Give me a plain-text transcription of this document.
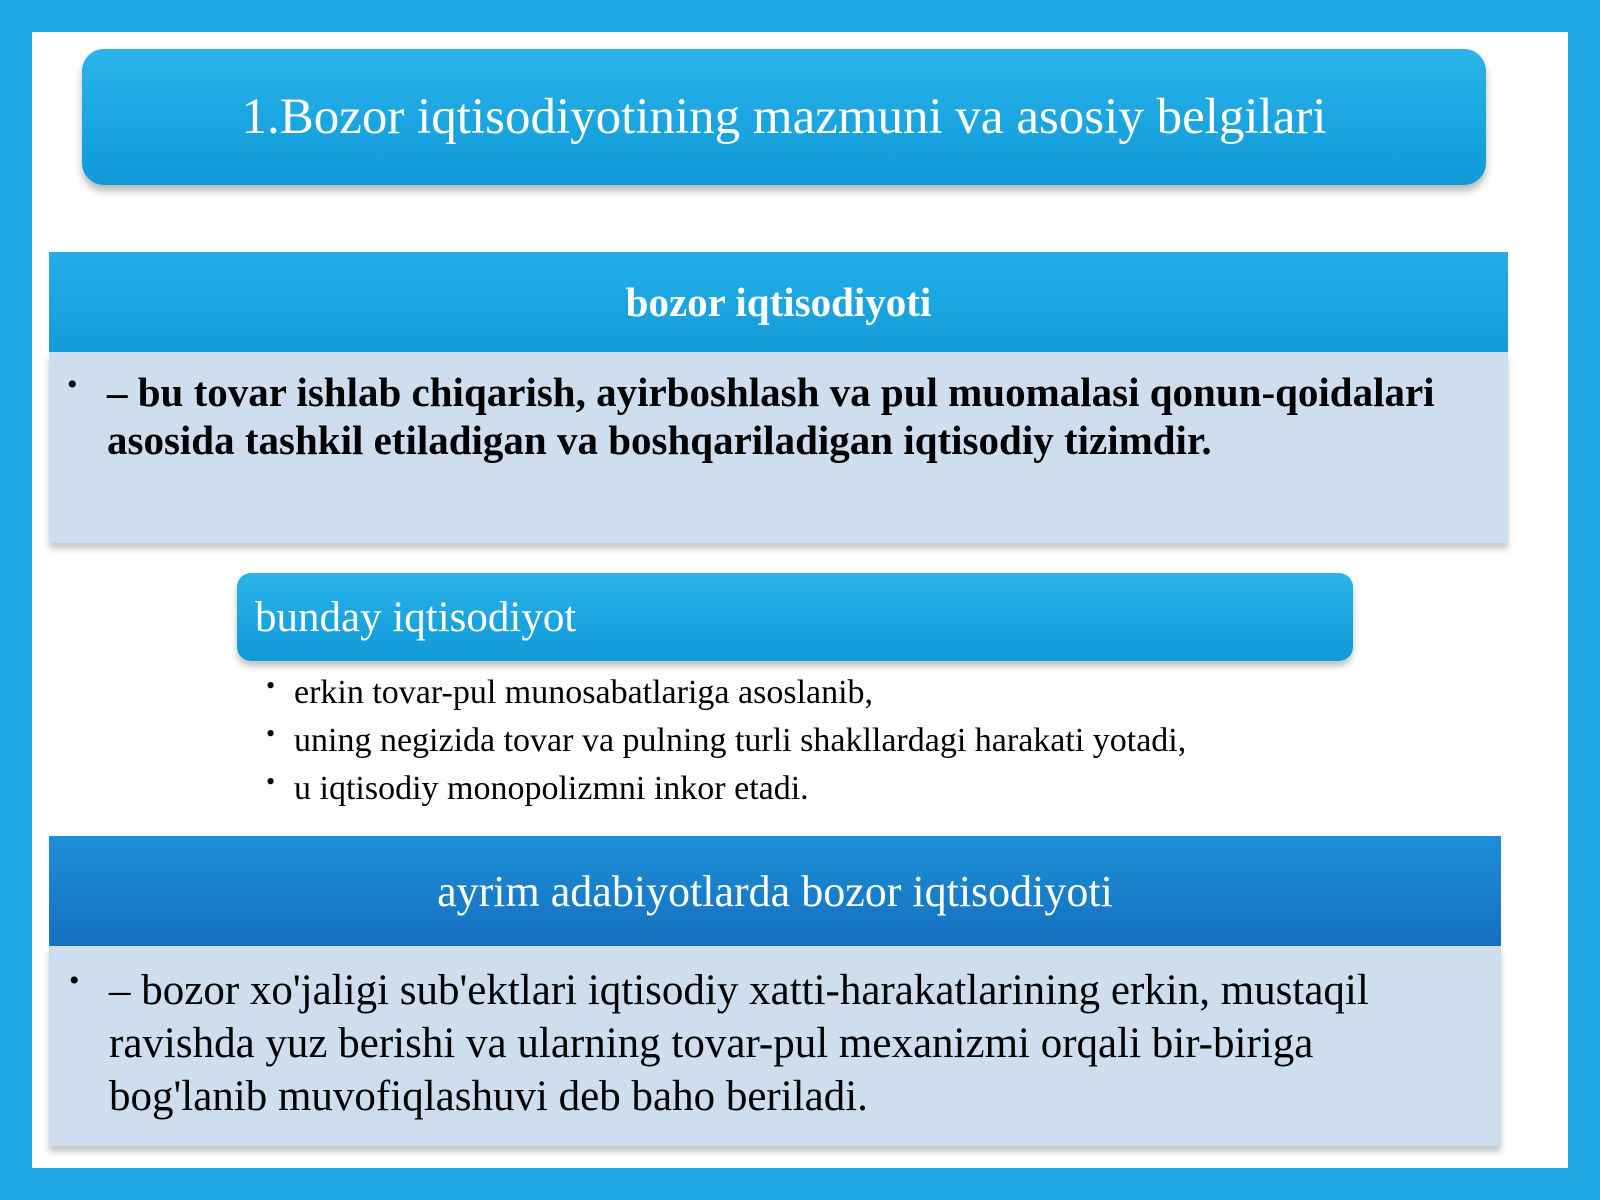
1.Bozor iqtisodiyotining mazmuni va asosiy belgilari
bozor iqtisodiyoti
• – bu tovar ishlab chiqarish, ayirboshlash va pul muomalasi qonun-qoidalari asosida tashkil etiladigan va boshqariladigan iqtisodiy tizimdir.
bunday iqtisodiyot
• erkin tovar-pul munosabatlariga asoslanib,
• uning negizida tovar va pulning turli shakllardagi harakati yotadi,
• u iqtisodiy monopolizmni inkor etadi.
ayrim adabiyotlarda bozor iqtisodiyoti
• – bozor xo'jaligi sub'ektlari iqtisodiy xatti-harakatlarining erkin, mustaqil ravishda yuz berishi va ularning tovar-pul mexanizmi orqali bir-biriga bog'lanib muvofiqlashuvi deb baho beriladi.
